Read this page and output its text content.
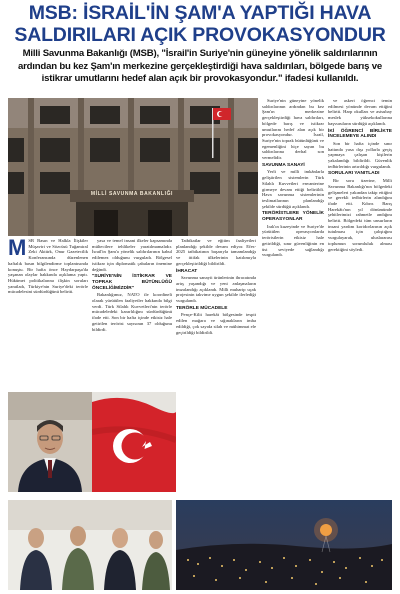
MSB: İSRAİL'İN ŞAM'A YAPTIĞI HAVA SALDIRILARI AÇIK PROVOKASYONDUR
Milli Savunma Bakanlığı (MSB), "İsrail'in Suriye'nin güneyine yönelik saldırılarının ardından bu kez Şam'ın merkezine gerçekleştirdiği hava saldırıları, bölgede barış ve istikrar umutlarını hedef alan açık bir provokasyondur." ifadesi kullanıldı.
MİLLİ SAVUNMA BAKANLIĞI

MSB Basın ve Halkla İlişkiler Müşaviri ve Sözcüsü Tuğamiral Zeki Aktürk, Onur Gazetecilik Konferansında düzenlenen haftalık basın bilgilendirme toplantısında konuştu. Bir hafta önce Haydarpaşa'da yaşanan olaylar hakkında açıklama yaptı. Hükümet politikalarına ilişkin soruları yanıtladı, Türkiye'nin Suriye'deki terörle mücadelesini sürdürdüğünü belirtti.

yasa ve temel insani ilkeler kapsamında mültecilere tehlikeler yaratılmamalıdır. İsrail'in Şam'a yönelik saldırılarının kabul edilemez olduğunu vurguladı. Bölgesel istikrar için diplomatik çabaların önemine değindi.

"SURİYE'NİN İSTİKRAR VE TOPRAK BÜTÜNLÜĞÜ ÖNCELİĞİMİZDİR"

Bakanlığımız, NATO ile koordineli olarak yürütülen faaliyetler hakkında bilgi verdi. Türk Silahlı Kuvvetleri'nin terörle mücadeledeki kararlılığını sürdürdüğünü ifade etti. Son bir hafta içinde etkisiz hale getirilen terörist sayısının 37 olduğunu bildirdi.

Tatbikatlar ve eğitim faaliyetleri planlandığı şekilde devam ediyor. Efes-2025 tatbikatının başarıyla tamamlandığı ve ittifak ülkelerinin katılımıyla gerçekleştirildiği bildirildi.

İHRACAT

Savunma sanayii ürünlerinin ihracatında artış yaşandığı ve yeni anlaşmaların imzalandığı açıklandı. Milli muharip uçak projesinin takvime uygun şekilde ilerlediği vurgulandı.

TERÖRLE MÜCADELE

Pençe-Kilit harekât bölgesinde tespit edilen mağara ve sığınakların imha edildiği, çok sayıda silah ve mühimmat ele geçirildiği bildirildi.

Suriye'nin güneyine yönelik saldırılarının ardından bu kez Şam'ın merkezine gerçekleştirdiği hava saldırıları, bölgede barış ve istikrar umutlarını hedef alan açık bir provokasyondur. İsrail, Suriye'nin toprak bütünlüğünü ve egemenliğini hiçe sayan bu saldırılarına derhal son vermelidir.

SAVUNMA SANAYİ

Yerli ve milli imkânlarla geliştirilen sistemlerin Türk Silahlı Kuvvetleri envanterine girmeye devam ettiği belirtildi. Hava savunma sistemlerinin teslimatlarının planlandığı şekilde sürdüğü açıklandı.

TERÖRİSTLERE YÖNELİK OPERASYONLAR

Irak'ın kuzeyinde ve Suriye'de yürütülen operasyonlarda teröristlerin etkisiz hale getirildiği, sınır güvenliğinin en üst seviyede sağlandığı vurgulandı.

ve askeri öğrenci temin edilmesi yönünde devam ettiğini belirtti. Harp okulları ve astsubay meslek yüksekokullarına başvuruların sürdüğü açıklandı.

İKİ ÖĞRENCİ BİRLİKTE İNCELEMEYE ALINDI

Son bir hafta içinde sınır hattında yasa dışı yollarla geçiş yapmaya çalışan kişilerin yakalandığı bildirildi. Güvenlik tedbirlerinin artırıldığı vurgulandı.

SORULARI YANITLADI

Bir soru üzerine, Milli Savunma Bakanlığı'nın bölgedeki gelişmeleri yakından takip ettiğini ve gerekli tedbirlerin alındığını ifade etti. Kıbrıs Barış Harekâtı'nın yıl dönümünde şehitlerimizi rahmetle andığını belirtti. Bölgedeki tüm unsurların insani yardım koridorlarının açık tutulması için çalıştığını vurgulayarak, uluslararası toplumun sorumluluk alması gerektiğini söyledi.
